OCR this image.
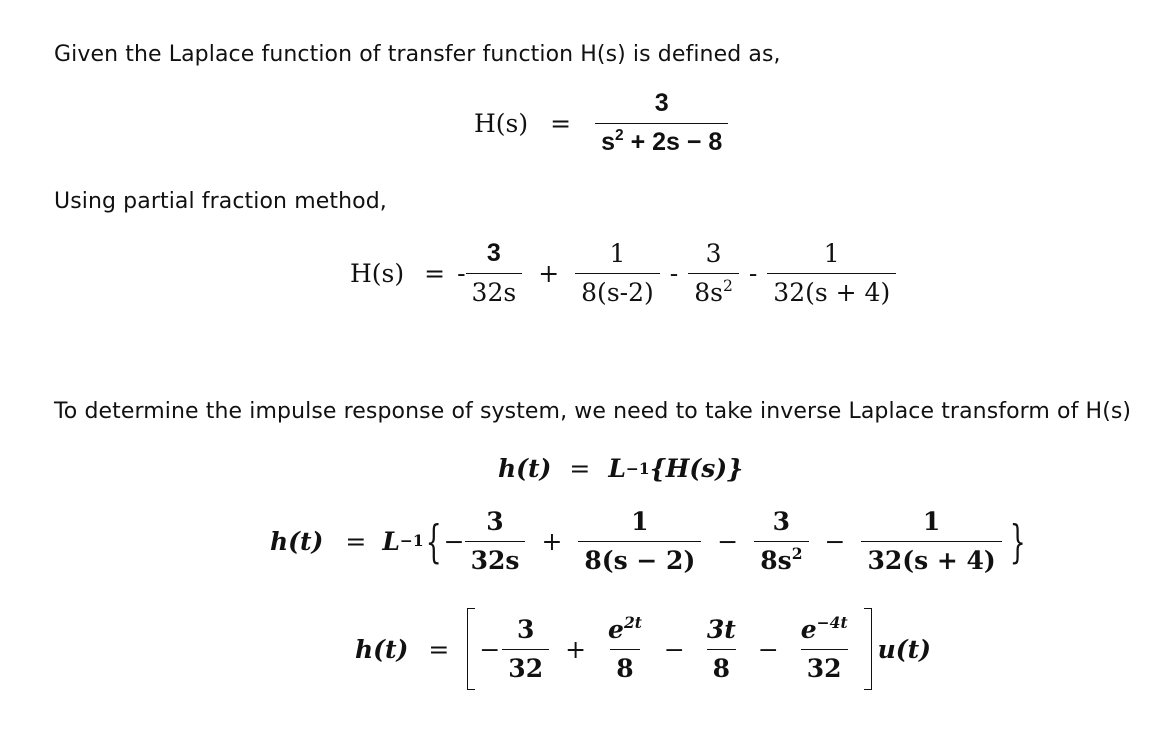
Given the Laplace function of transfer function H(s) is defined as,
$H(s) = \frac{3}{s^2 + 2s - 8}$
Using partial fraction method,
H(s) = - $\frac{3}{32s} + \frac{1}{8(s-2)} - \frac{3}{8s^2} - \frac{1}{32(s + 4)}$
To determine the impulse response of system, we need to take inverse Laplace transform of H(s)
h(t) = L −1 {H(s)}
h(t) = L −1 { − $\frac{3}{32s} + \frac{1}{8(s - 2)} - \frac{3}{8s^2} - \frac{1}{32(s + 4)}$ }
h(t) = − $\frac{3}{32} + \frac{e^{2t}}{8} - \frac{3t}{8} - \frac{e^{-4t}}{32} u(t)$
